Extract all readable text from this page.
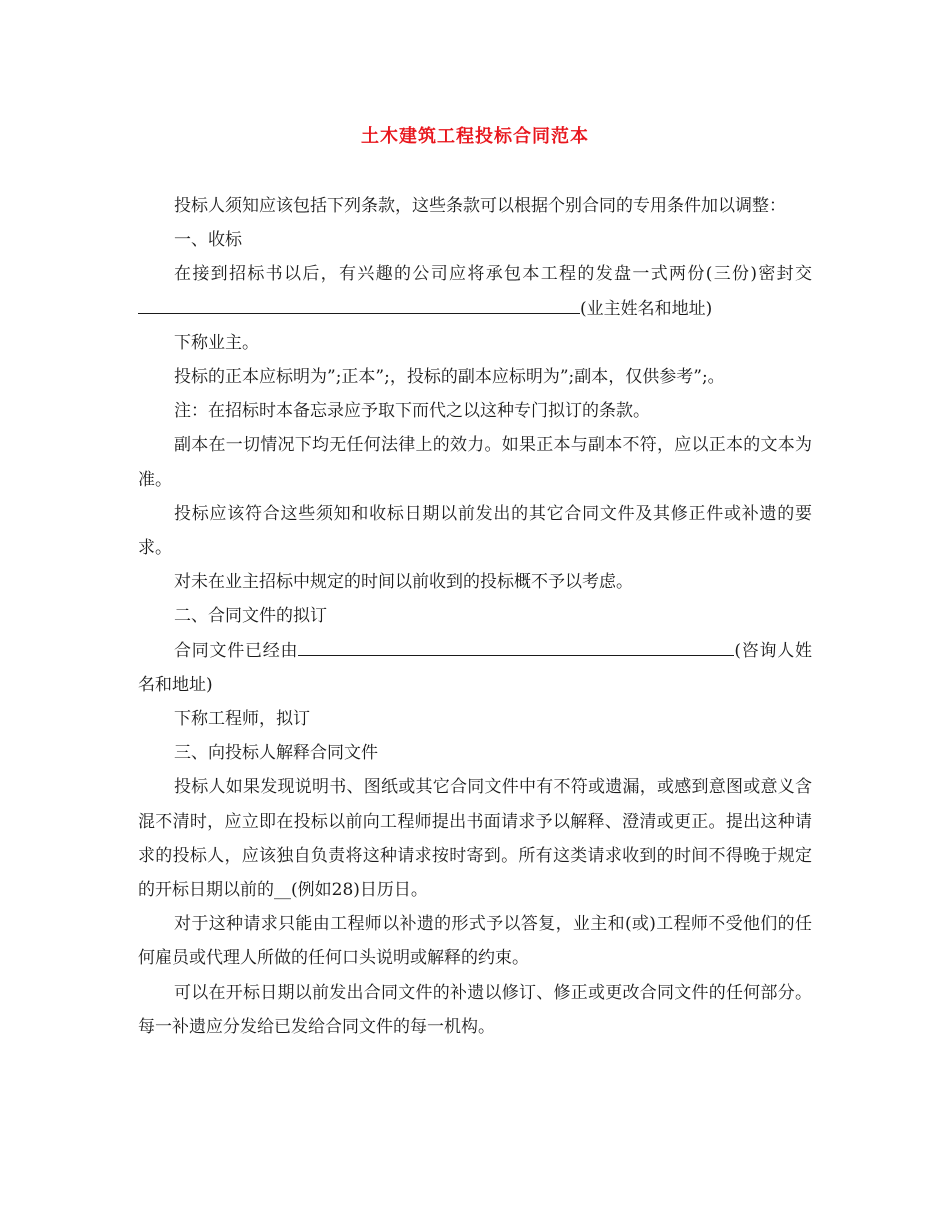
土木建筑工程投标合同范本

投标人须知应该包括下列条款，这些条款可以根据个别合同的专用条件加以调整：

一、收标

在接到招标书以后，有兴趣的公司应将承包本工程的发盘一式两份(三份)密封交(业主姓名和地址)

下称业主。

投标的正本应标明为”;正本”;，投标的副本应标明为”;副本，仅供参考”;。

注：在招标时本备忘录应予取下而代之以这种专门拟订的条款。

副本在一切情况下均无任何法律上的效力。如果正本与副本不符，应以正本的文本为准。

投标应该符合这些须知和收标日期以前发出的其它合同文件及其修正件或补遗的要求。

对未在业主招标中规定的时间以前收到的投标概不予以考虑。

二、合同文件的拟订

合同文件已经由	(咨询人姓名和地址)

下称工程师，拟订

三、向投标人解释合同文件

投标人如果发现说明书、图纸或其它合同文件中有不符或遗漏，或感到意图或意义含混不清时，应立即在投标以前向工程师提出书面请求予以解释、澄清或更正。提出这种请求的投标人，应该独自负责将这种请求按时寄到。所有这类请求收到的时间不得晚于规定的开标日期以前的__(例如28)日历日。

对于这种请求只能由工程师以补遗的形式予以答复，业主和(或)工程师不受他们的任何雇员或代理人所做的任何口头说明或解释的约束。

可以在开标日期以前发出合同文件的补遗以修订、修正或更改合同文件的任何部分。每一补遗应分发给已发给合同文件的每一机构。
